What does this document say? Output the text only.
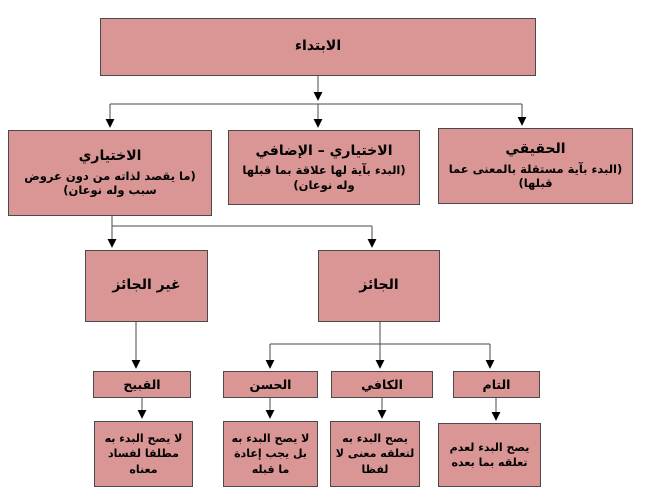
الابتداء
الاختياري
(ما يقصد لذاته من دون عروض سبب وله نوعان)
الاختياري – الإضافي
(البدء بآية لها علاقة بما قبلها وله نوعان)
الحقيقي
(البدء بآية مستقلة بالمعنى عما قبلها)
غير الجائز	الجائز
القبيح	الحسن	الكافي	التام
لا يصح البدء به مطلقا لفساد معناه
لا يصح البدء به بل يجب إعادة ما قبله
يصح البدء به لتعلقه معنى لا لفظا
يصح البدء لعدم تعلقه بما بعده
